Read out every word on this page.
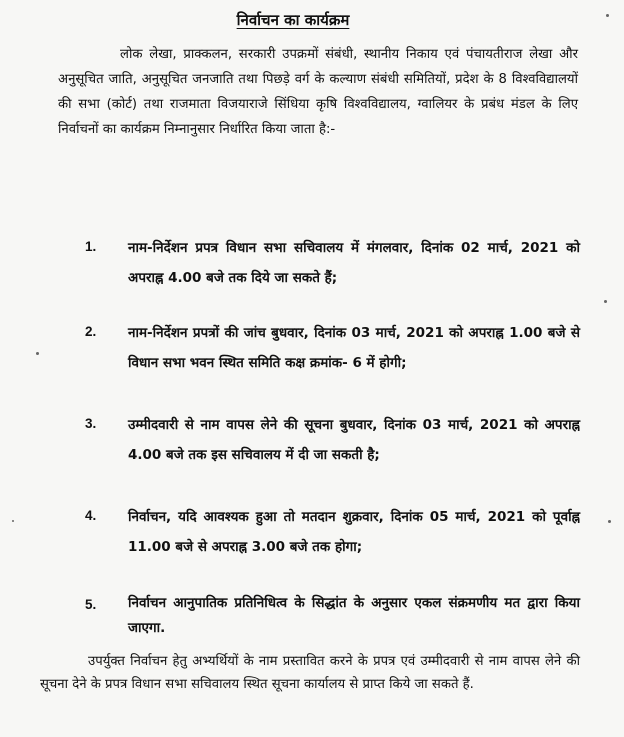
निर्वाचन का कार्यक्रम
लोक लेखा, प्राक्कलन, सरकारी उपक्रमों संबंधी, स्थानीय निकाय एवं पंचायतीराज लेखा और अनुसूचित जाति, अनुसूचित जनजाति तथा पिछड़े वर्ग के कल्याण संबंधी समितियों, प्रदेश के 8 विश्वविद्यालयों की सभा (कोर्ट) तथा राजमाता विजयाराजे सिंधिया कृषि विश्वविद्यालय, ग्वालियर के प्रबंध मंडल के लिए निर्वाचनों का कार्यक्रम निम्नानुसार निर्धारित किया जाता है:-
1. नाम-निर्देशन प्रपत्र विधान सभा सचिवालय में मंगलवार, दिनांक 02 मार्च, 2021 को अपराह्न 4.00 बजे तक दिये जा सकते हैं;
2. नाम-निर्देशन प्रपत्रों की जांच बुधवार, दिनांक 03 मार्च, 2021 को अपराह्न 1.00 बजे से विधान सभा भवन स्थित समिति कक्ष क्रमांक- 6 में होगी;
3. उम्मीदवारी से नाम वापस लेने की सूचना बुधवार, दिनांक 03 मार्च, 2021 को अपराह्न 4.00 बजे तक इस सचिवालय में दी जा सकती है;
4. निर्वाचन, यदि आवश्यक हुआ तो मतदान शुक्रवार, दिनांक 05 मार्च, 2021 को पूर्वाह्न 11.00 बजे से अपराह्न 3.00 बजे तक होगा;
5. निर्वाचन आनुपातिक प्रतिनिधित्व के सिद्धांत के अनुसार एकल संक्रमणीय मत द्वारा किया जाएगा.
उपर्युक्त निर्वाचन हेतु अभ्यर्थियों के नाम प्रस्तावित करने के प्रपत्र एवं उम्मीदवारी से नाम वापस लेने की सूचना देने के प्रपत्र विधान सभा सचिवालय स्थित सूचना कार्यालय से प्राप्त किये जा सकते हैं.
